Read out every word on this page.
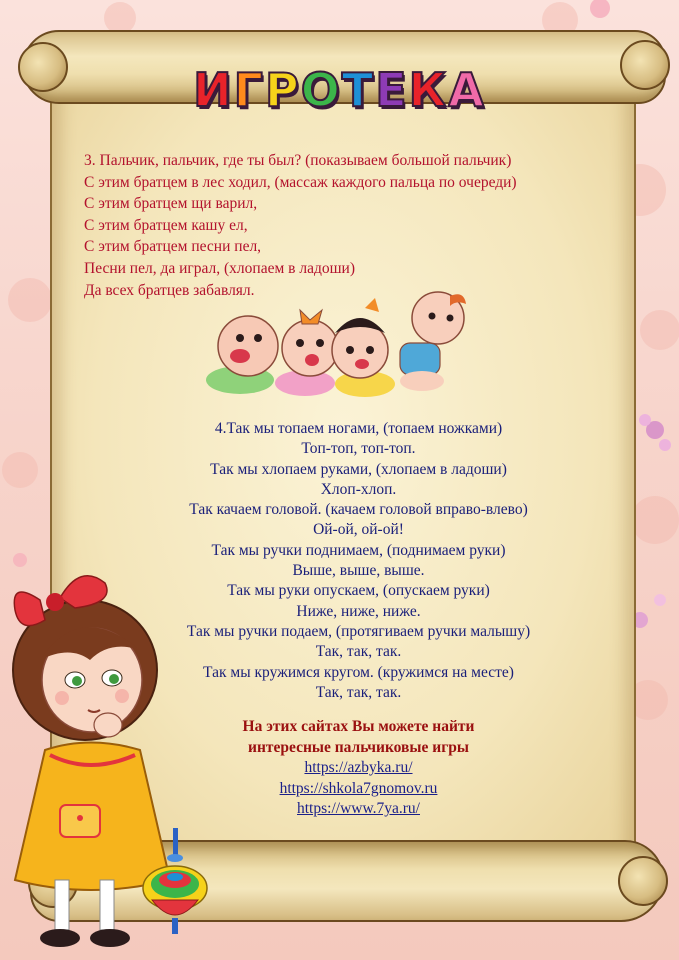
ИГРОТЕКА

3. Пальчик, пальчик, где ты был? (показываем большой пальчик)

С этим братцем в лес ходил, (массаж каждого пальца по очереди)

С этим братцем щи варил,

С этим братцем кашу ел,

С этим братцем песни пел,

Песни пел, да играл, (хлопаем в ладоши)

Да всех братцев забавлял.

4.Так мы топаем ногами, (топаем ножками)

Топ-топ, топ-топ.

Так мы хлопаем руками, (хлопаем в ладоши)

Хлоп-хлоп.

Так качаем головой. (качаем головой вправо-влево)

Ой-ой, ой-ой!

Так мы ручки поднимаем, (поднимаем руки)

Выше, выше, выше.

Так мы руки опускаем, (опускаем руки)

Ниже, ниже, ниже.

Так мы ручки подаем, (протягиваем ручки малышу)

Так, так, так.

Так мы кружимся кругом. (кружимся на месте)

Так, так, так.

На этих сайтах Вы можете найти

интересные пальчиковые игры

https://azbyka.ru/

https://shkola7gnomov.ru

https://www.7ya.ru/
